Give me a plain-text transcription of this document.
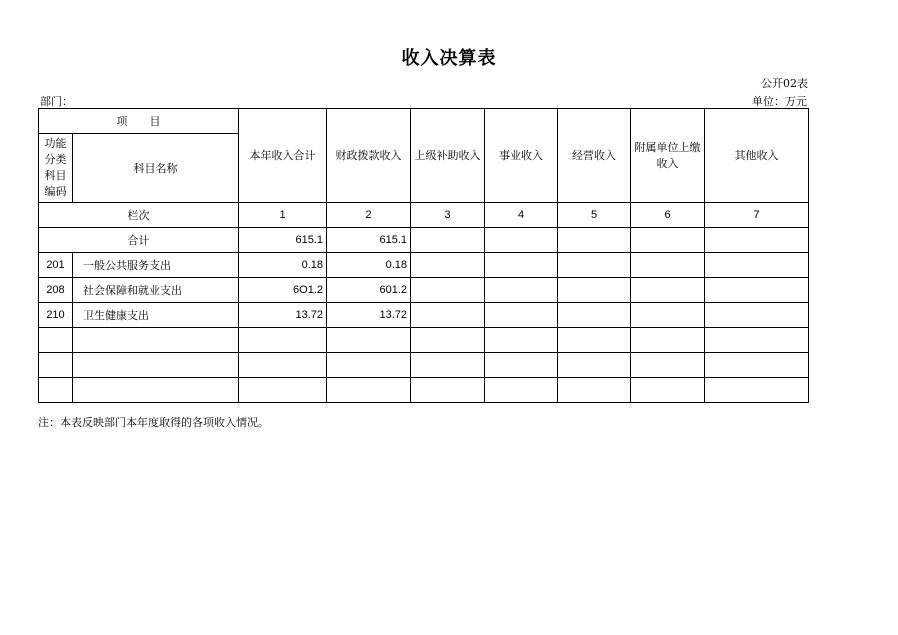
收入决算表
公开02表
部门：	单位：万元
项　　目		本年收入合计	财政拨款收入	上级补助收入	事业收入	经营收入	附属单位上缴收入	其他收入
功能分类科目编码	科目名称							
栏次		1	2	3	4	5	6	7
合计		615.1	615.1					
201	一般公共服务支出	0.18	0.18					
208	社会保障和就业支出	6O1.2	601.2					
210	卫生健康支出	13.72	13.72					

注：本表反映部门本年度取得的各项收入情况。
